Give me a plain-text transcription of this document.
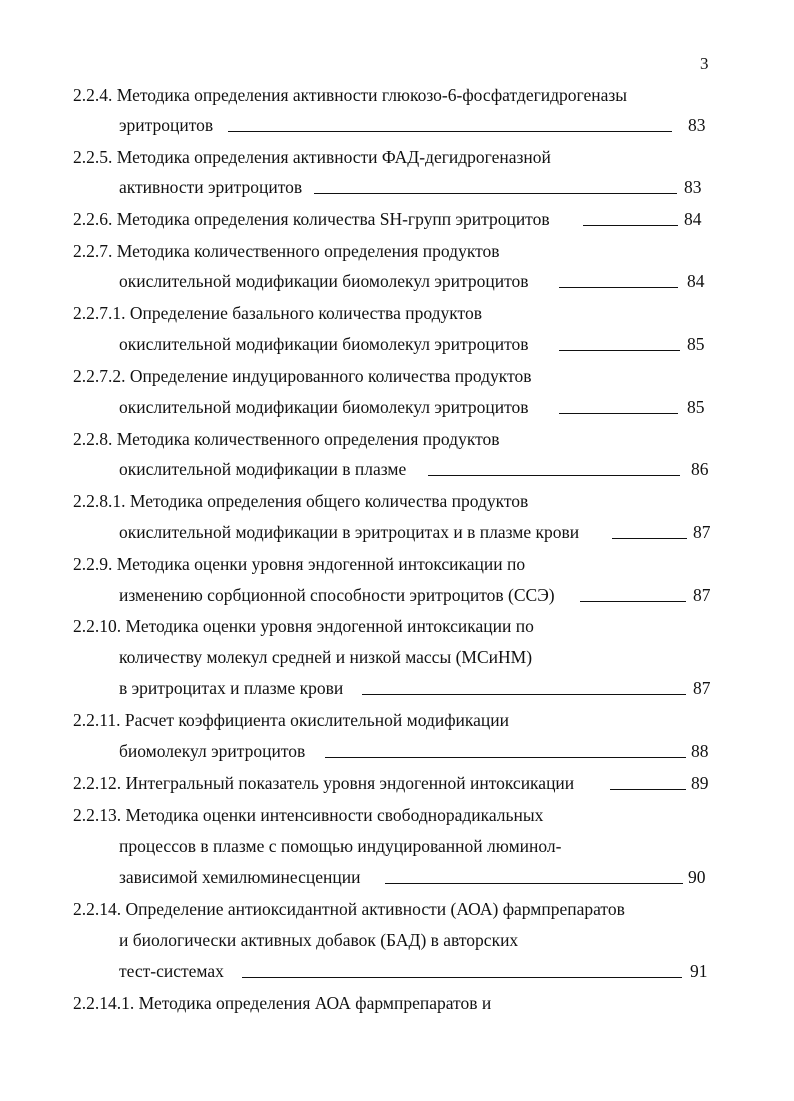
3
2.2.4. Методика определения активности глюкозо-6-фосфатдегидрогеназы
эритроцитов	83
2.2.5. Методика определения активности ФАД-дегидрогеназной
активности эритроцитов	83
2.2.6. Методика определения количества SH-групп эритроцитов	84
2.2.7. Методика количественного определения продуктов
окислительной модификации биомолекул эритроцитов	84
2.2.7.1. Определение базального количества продуктов
окислительной модификации биомолекул эритроцитов	85
2.2.7.2. Определение индуцированного количества продуктов
окислительной модификации биомолекул эритроцитов	85
2.2.8. Методика количественного определения продуктов
окислительной модификации в плазме	86
2.2.8.1. Методика определения общего количества продуктов
окислительной модификации в эритроцитах и в плазме крови	87
2.2.9. Методика оценки уровня эндогенной интоксикации по
изменению сорбционной способности эритроцитов (ССЭ)	87
2.2.10. Методика оценки уровня эндогенной интоксикации по
количеству молекул средней и низкой массы (МСиНМ)
в эритроцитах и плазме крови	87
2.2.11. Расчет коэффициента окислительной модификации
биомолекул эритроцитов	88
2.2.12. Интегральный показатель уровня эндогенной интоксикации	89
2.2.13. Методика оценки интенсивности свободнорадикальных
процессов в плазме с помощью индуцированной люминол-
зависимой хемилюминесценции	90
2.2.14. Определение антиоксидантной активности (АОА) фармпрепаратов
и биологически активных добавок (БАД) в авторских
тест-системах	91
2.2.14.1. Методика определения АОА фармпрепаратов и
